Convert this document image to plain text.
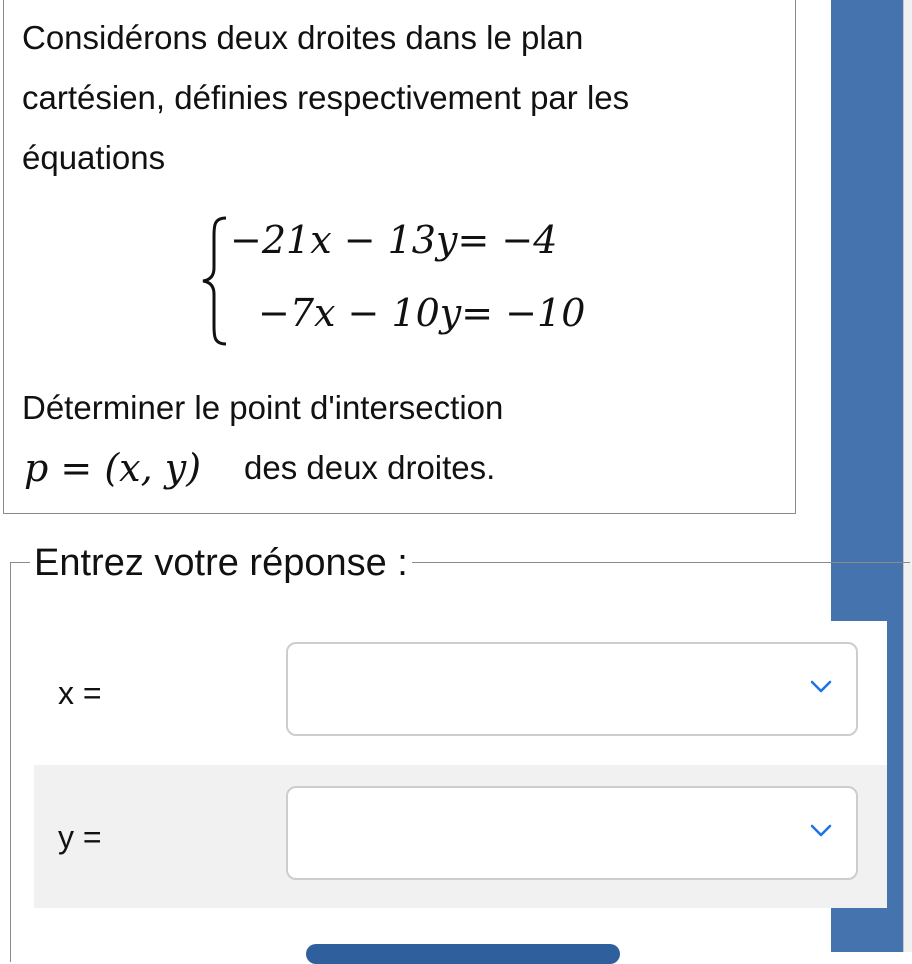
Considérons deux droites dans le plan
cartésien, définies respectivement par les
équations
−21x − 13y= −4
−7x − 10y= −10
Déterminer le point d'intersection
p = (x, y) des deux droites.
Entrez votre réponse :
x =
y =
